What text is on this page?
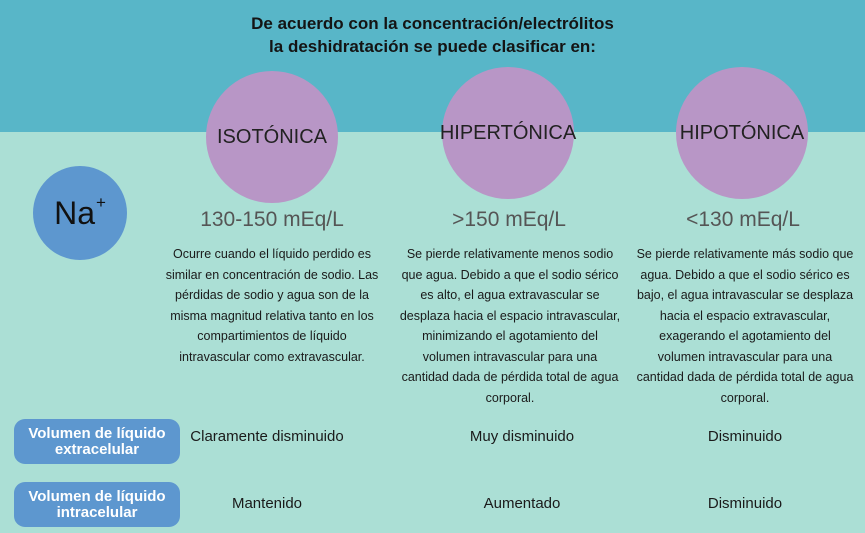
De acuerdo con la concentración/electrólitos
la deshidratación se puede clasificar en:
ISOTÓNICA	HIPERTÓNICA	HIPOTÓNICA
Na+
130-150 mEq/L	>150 mEq/L	<130 mEq/L
Ocurre cuando el líquido perdido es similar en concentración de sodio. Las pérdidas de sodio y agua son de la misma magnitud relativa tanto en los compartimientos de líquido intravascular como extravascular.
Se pierde relativamente menos sodio que agua. Debido a que el sodio sérico es alto, el agua extravascular se desplaza hacia el espacio intravascular, minimizando el agotamiento del volumen intravascular para una cantidad dada de pérdida total de agua corporal.
Se pierde relativamente más sodio que agua. Debido a que el sodio sérico es bajo, el agua intravascular se desplaza hacia el espacio extravascular, exagerando el agotamiento del volumen intravascular para una cantidad dada de pérdida total de agua corporal.
Volumen de líquido
extracelular
Claramente disminuido	Muy disminuido	Disminuido
Volumen de líquido
intracelular	Mantenido	Aumentado	Disminuido
